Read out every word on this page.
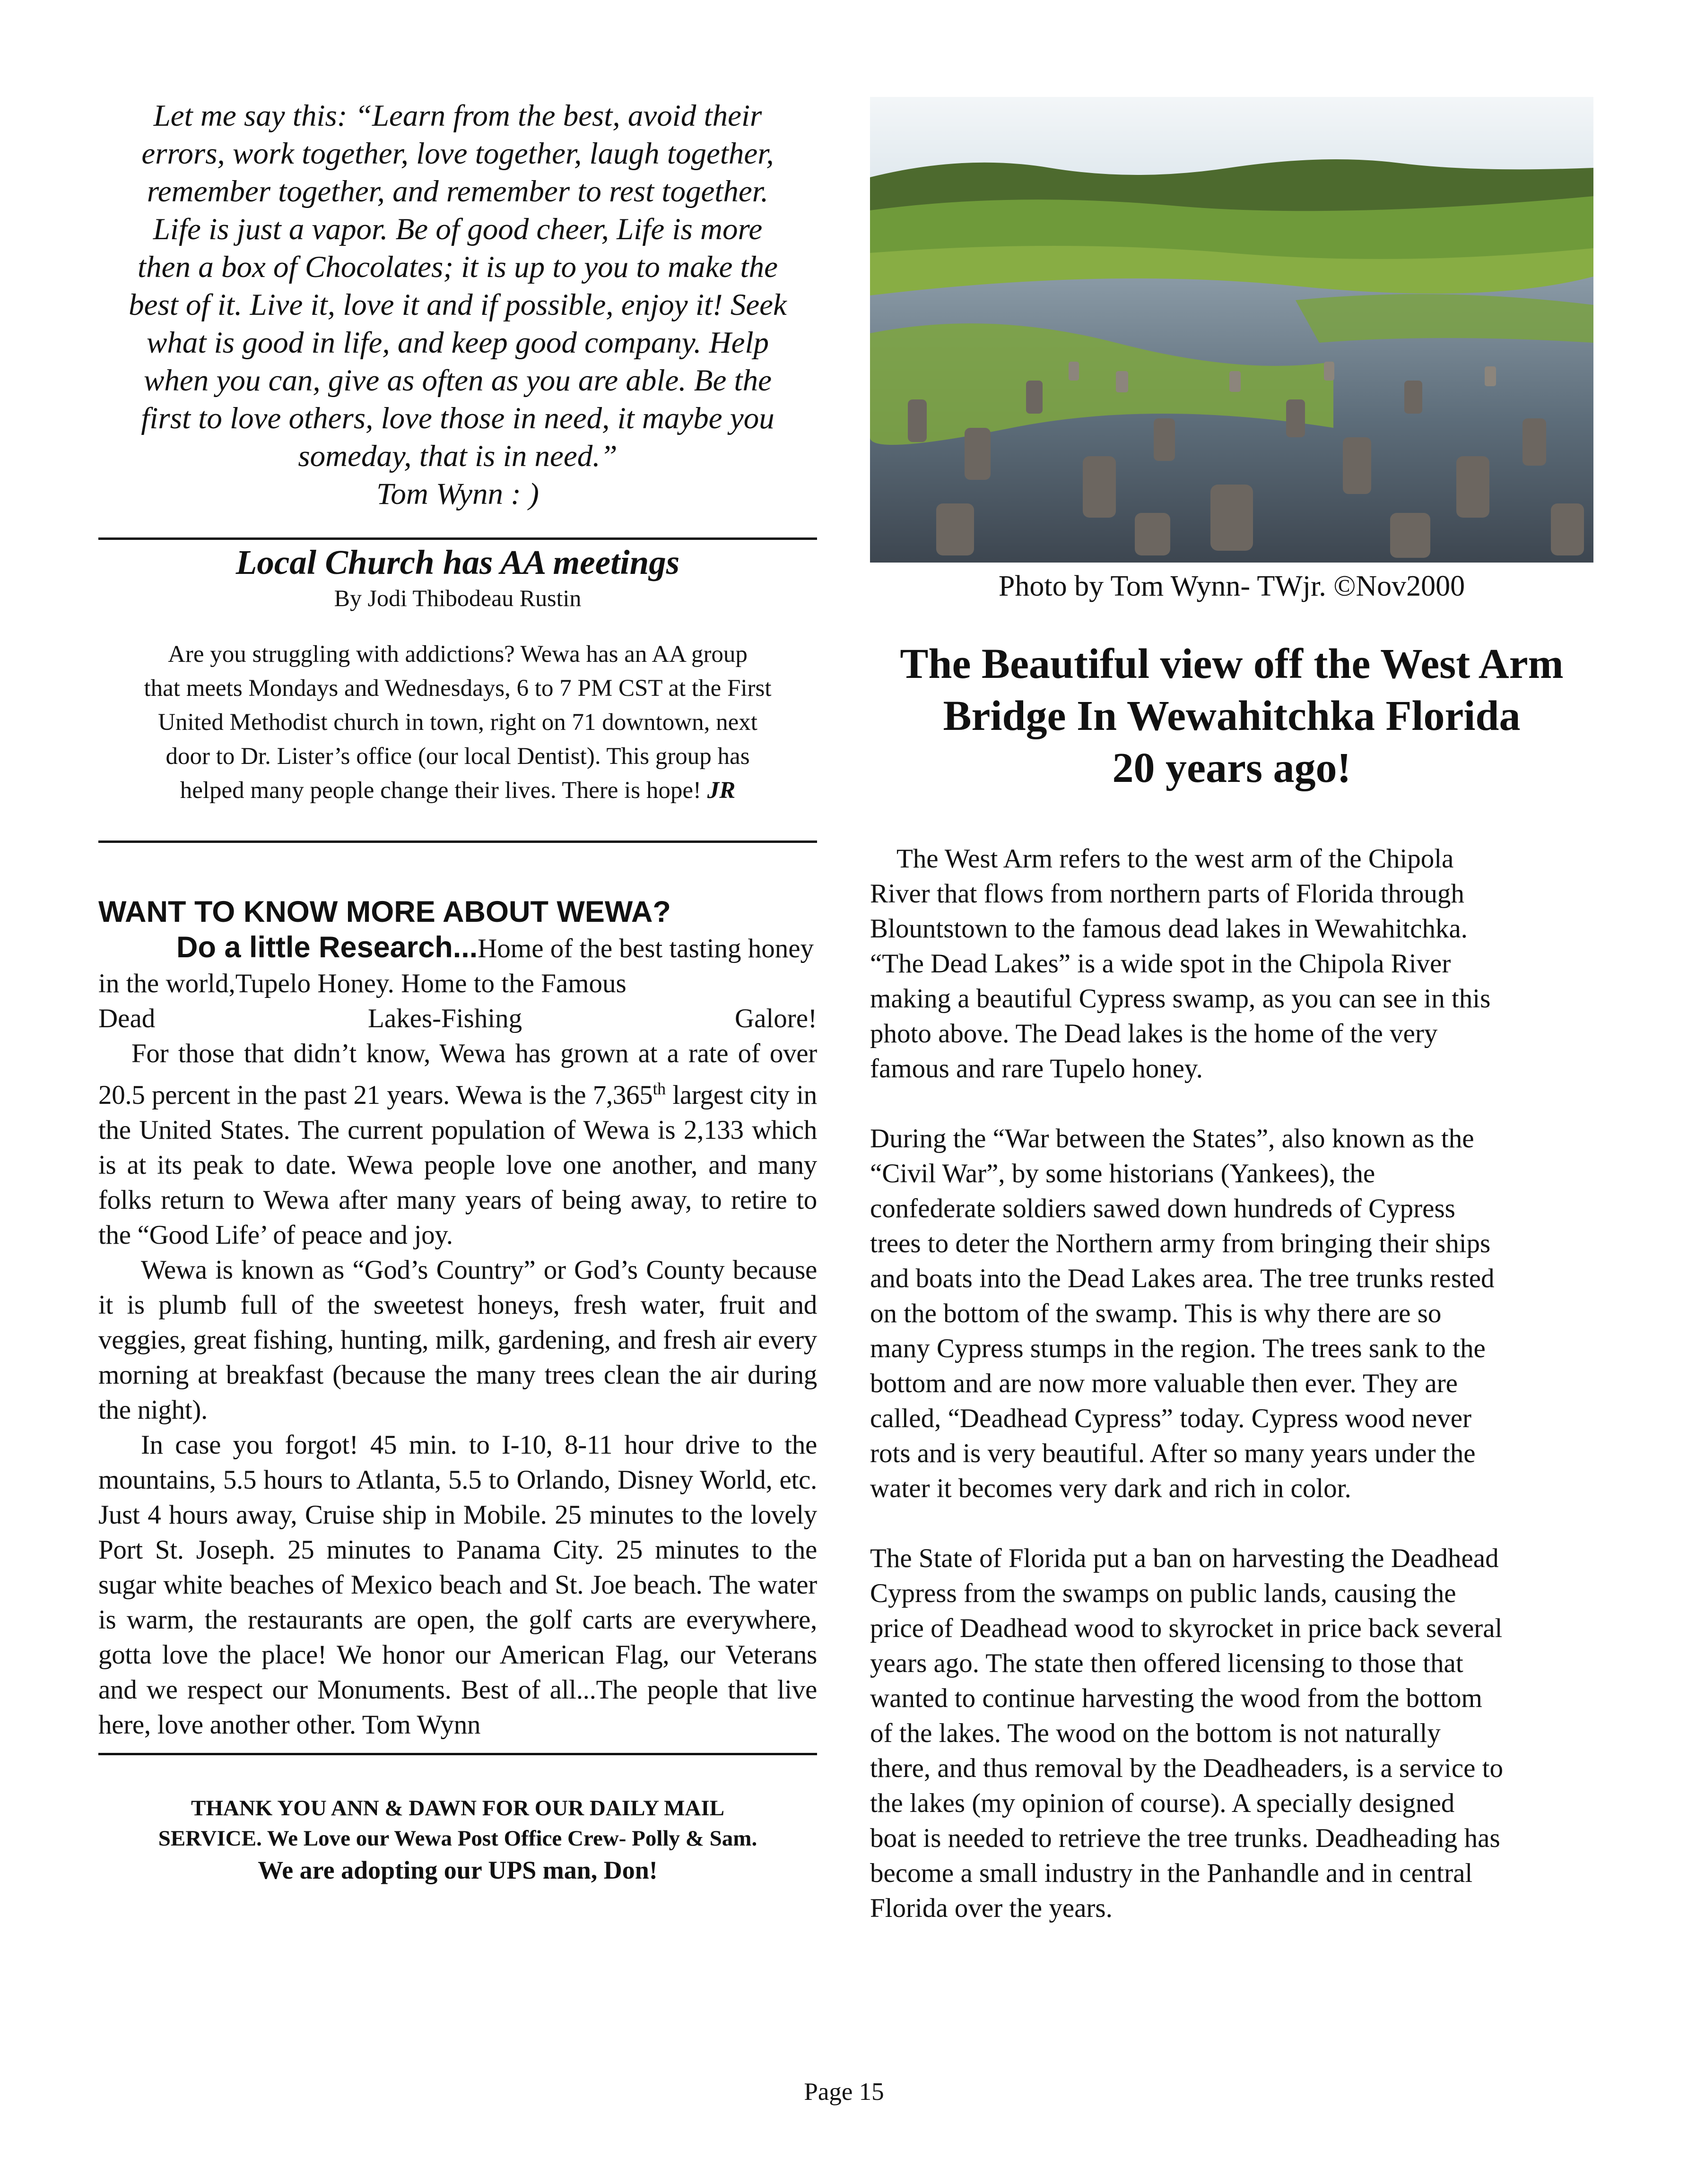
Let me say this: “Learn from the best, avoid their

errors, work together, love together, laugh together,

remember together, and remember to rest together.

Life is just a vapor. Be of good cheer, Life is more

then a box of Chocolates; it is up to you to make the

best of it. Live it, love it and if possible, enjoy it! Seek

what is good in life, and keep good company. Help

when you can, give as often as you are able. Be the

first to love others, love those in need, it maybe you

someday, that is in need.”

Tom Wynn : )

Local Church has AA meetings

By Jodi Thibodeau Rustin

Are you struggling with addictions? Wewa has an AA group

that meets Mondays and Wednesdays, 6 to 7 PM CST at the First

United Methodist church in town, right on 71 downtown, next

door to Dr. Lister’s office (our local Dentist). This group has

helped many people change their lives. There is hope! JR

WANT TO KNOW MORE ABOUT WEWA?

Do a little Research...Home of the best tasting honey in the world,Tupelo Honey. Home to the Famous

Dead	Lakes-Fishing	Galore!

For those that didn’t know, Wewa has grown at a rate of over 20.5 percent in the past 21 years. Wewa is the 7,365th largest city in the United States. The current population of Wewa is 2,133 which is at its peak to date. Wewa people love one another, and many folks return to Wewa after many years of being away, to retire to the “Good Life’ of peace and joy.

Wewa is known as “God’s Country” or God’s County because it is plumb full of the sweetest honeys, fresh water, fruit and veggies, great fishing, hunting, milk, gardening, and fresh air every morning at breakfast (because the many trees clean the air during the night).

In case you forgot! 45 min. to I-10, 8-11 hour drive to the mountains, 5.5 hours to Atlanta, 5.5 to Orlando, Disney World, etc. Just 4 hours away, Cruise ship in Mobile. 25 minutes to the lovely Port St. Joseph. 25 minutes to Panama City. 25 minutes to the sugar white beaches of Mexico beach and St. Joe beach. The water is warm, the restaurants are open, the golf carts are everywhere, gotta love the place! We honor our American Flag, our Veterans and we respect our Monuments. Best of all...The people that live here, love another other. Tom Wynn

THANK YOU ANN & DAWN FOR OUR DAILY MAIL

SERVICE. We Love our Wewa Post Office Crew- Polly & Sam.

We are adopting our UPS man, Don!

Photo by Tom Wynn- TWjr. ©Nov2000

The Beautiful view off the West Arm

Bridge In Wewahitchka Florida

20 years ago!

The West Arm refers to the west arm of the Chipola

River that flows from northern parts of Florida through

Blountstown to the famous dead lakes in Wewahitchka.

“The Dead Lakes” is a wide spot in the Chipola River

making a beautiful Cypress swamp, as you can see in this

photo above. The Dead lakes is the home of the very

famous and rare Tupelo honey.

During the “War between the States”, also known as the

“Civil War”, by some historians (Yankees), the

confederate soldiers sawed down hundreds of Cypress

trees to deter the Northern army from bringing their ships

and boats into the Dead Lakes area. The tree trunks rested

on the bottom of the swamp. This is why there are so

many Cypress stumps in the region. The trees sank to the

bottom and are now more valuable then ever. They are

called, “Deadhead Cypress” today. Cypress wood never

rots and is very beautiful. After so many years under the

water it becomes very dark and rich in color.

The State of Florida put a ban on harvesting the Deadhead

Cypress from the swamps on public lands, causing the

price of Deadhead wood to skyrocket in price back several

years ago. The state then offered licensing to those that

wanted to continue harvesting the wood from the bottom

of the lakes. The wood on the bottom is not naturally

there, and thus removal by the Deadheaders, is a service to

the lakes (my opinion of course). A specially designed

boat is needed to retrieve the tree trunks. Deadheading has

become a small industry in the Panhandle and in central

Florida over the years.

Page 15
